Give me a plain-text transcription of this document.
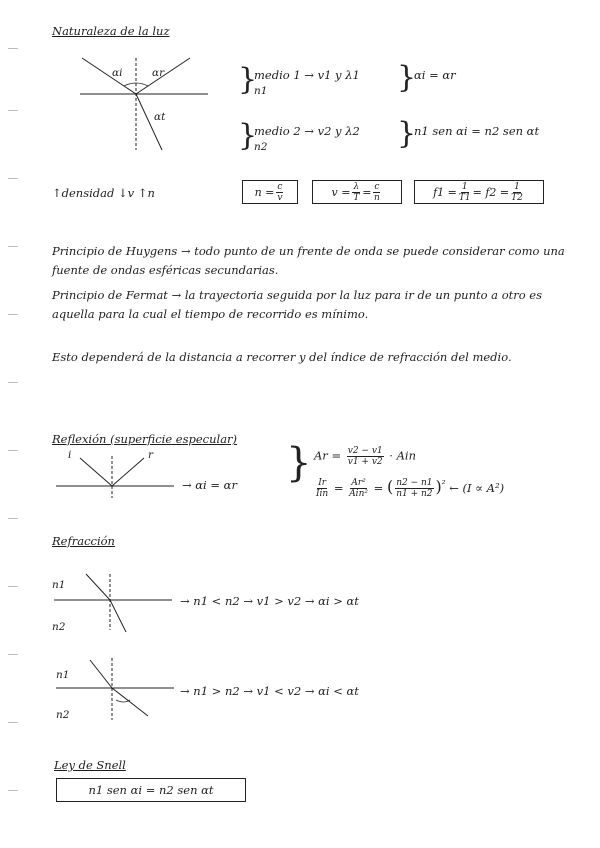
Naturaleza de la luz
αi	αr
αt
}
medio 1 → v1 y λ1
n1	}
αi = αr
}
medio 2 → v2 y λ2
n2	}
n1 sen αi = n2 sen αt
↑densidad ↓v ↑n	$n = \frac{c}{v}$	$v = \frac{\lambda}{T} = \frac{c}{n}$	$f1 = \frac{1}{T1} = f2 = \frac{1}{T2}$
Principio de Huygens → todo punto de un frente de onda se puede considerar como una fuente de ondas esféricas secundarias.
Principio de Fermat → la trayectoria seguida por la luz para ir de un punto a otro es aquella para la cual el tiempo de recorrido es mínimo.
Esto dependerá de la distancia a recorrer y del índice de refracción del medio.
Reflexión (superficie especular)
i	r
→ αi = αr } $Ar = \frac{v2 - v1}{v1 + v2}$ · Ain
$\frac{Ir}{\text{Iin}} = \frac{\text{Ar²}}{\text{Ain²}}$ = ( $\frac{n2 - n1}{n1 + n2} )^{^2}$ ← (I ∝ A²)
Refracción
n1
n2
→ n1 < n2 → v1 > v2 → αi > αt
n1
n2
→ n1 > n2 → v1 < v2 → αi < αt
Ley de Snell
n1 sen αi = n2 sen αt
